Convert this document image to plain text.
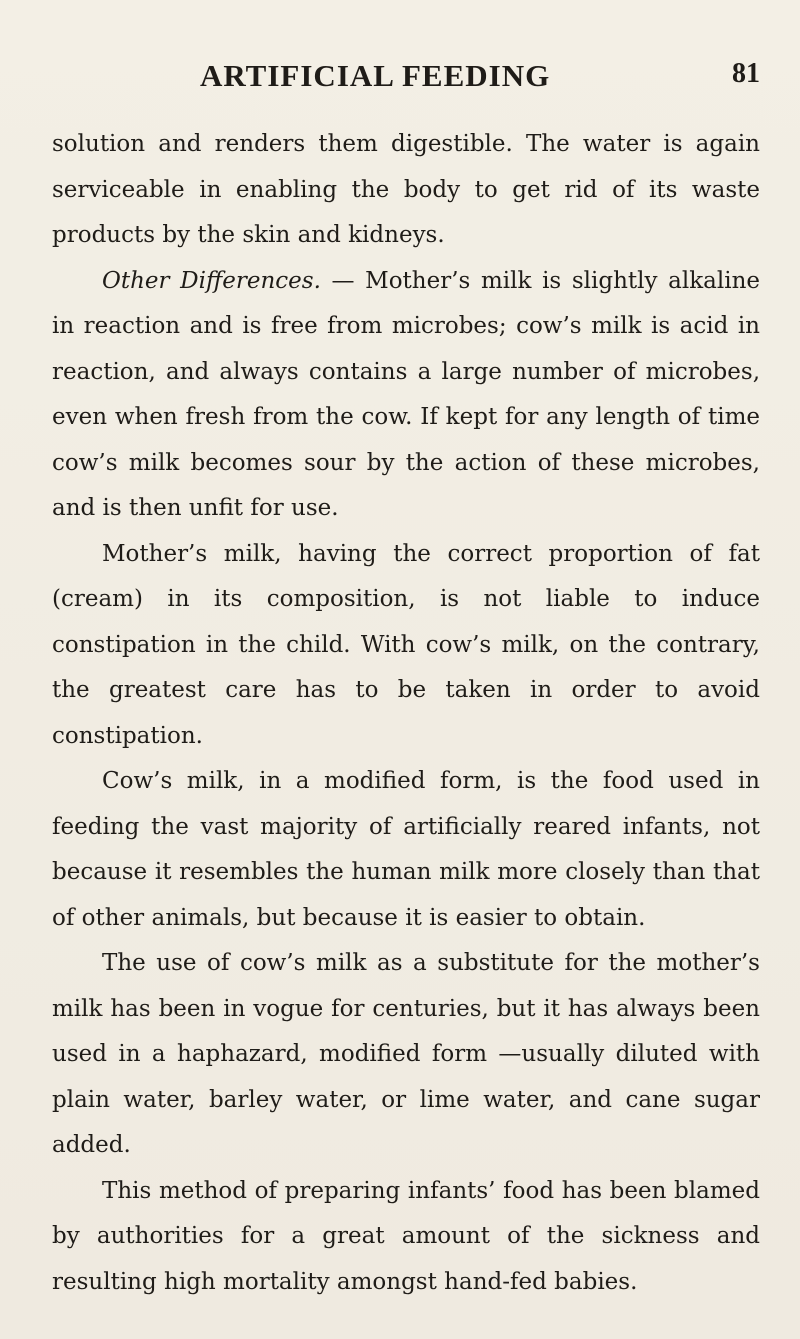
ARTIFICIAL FEEDING	81

solution and renders them digestible. The water is again serviceable in enabling the body to get rid of its waste products by the skin and kidneys.

Other Differences. — Mother’s milk is slightly alkaline in reaction and is free from microbes; cow’s milk is acid in reaction, and always contains a large number of microbes, even when fresh from the cow. If kept for any length of time cow’s milk becomes sour by the action of these microbes, and is then unfit for use.

Mother’s milk, having the correct proportion of fat (cream) in its composition, is not liable to induce constipation in the child. With cow’s milk, on the contrary, the greatest care has to be taken in order to avoid constipation.

Cow’s milk, in a modified form, is the food used in feeding the vast majority of artificially reared infants, not because it resembles the human milk more closely than that of other animals, but because it is easier to obtain.

The use of cow’s milk as a substitute for the mother’s milk has been in vogue for centuries, but it has always been used in a haphazard, modified form —usually diluted with plain water, barley water, or lime water, and cane sugar added.

This method of preparing infants’ food has been blamed by authorities for a great amount of the sickness and resulting high mortality amongst hand-fed babies.
